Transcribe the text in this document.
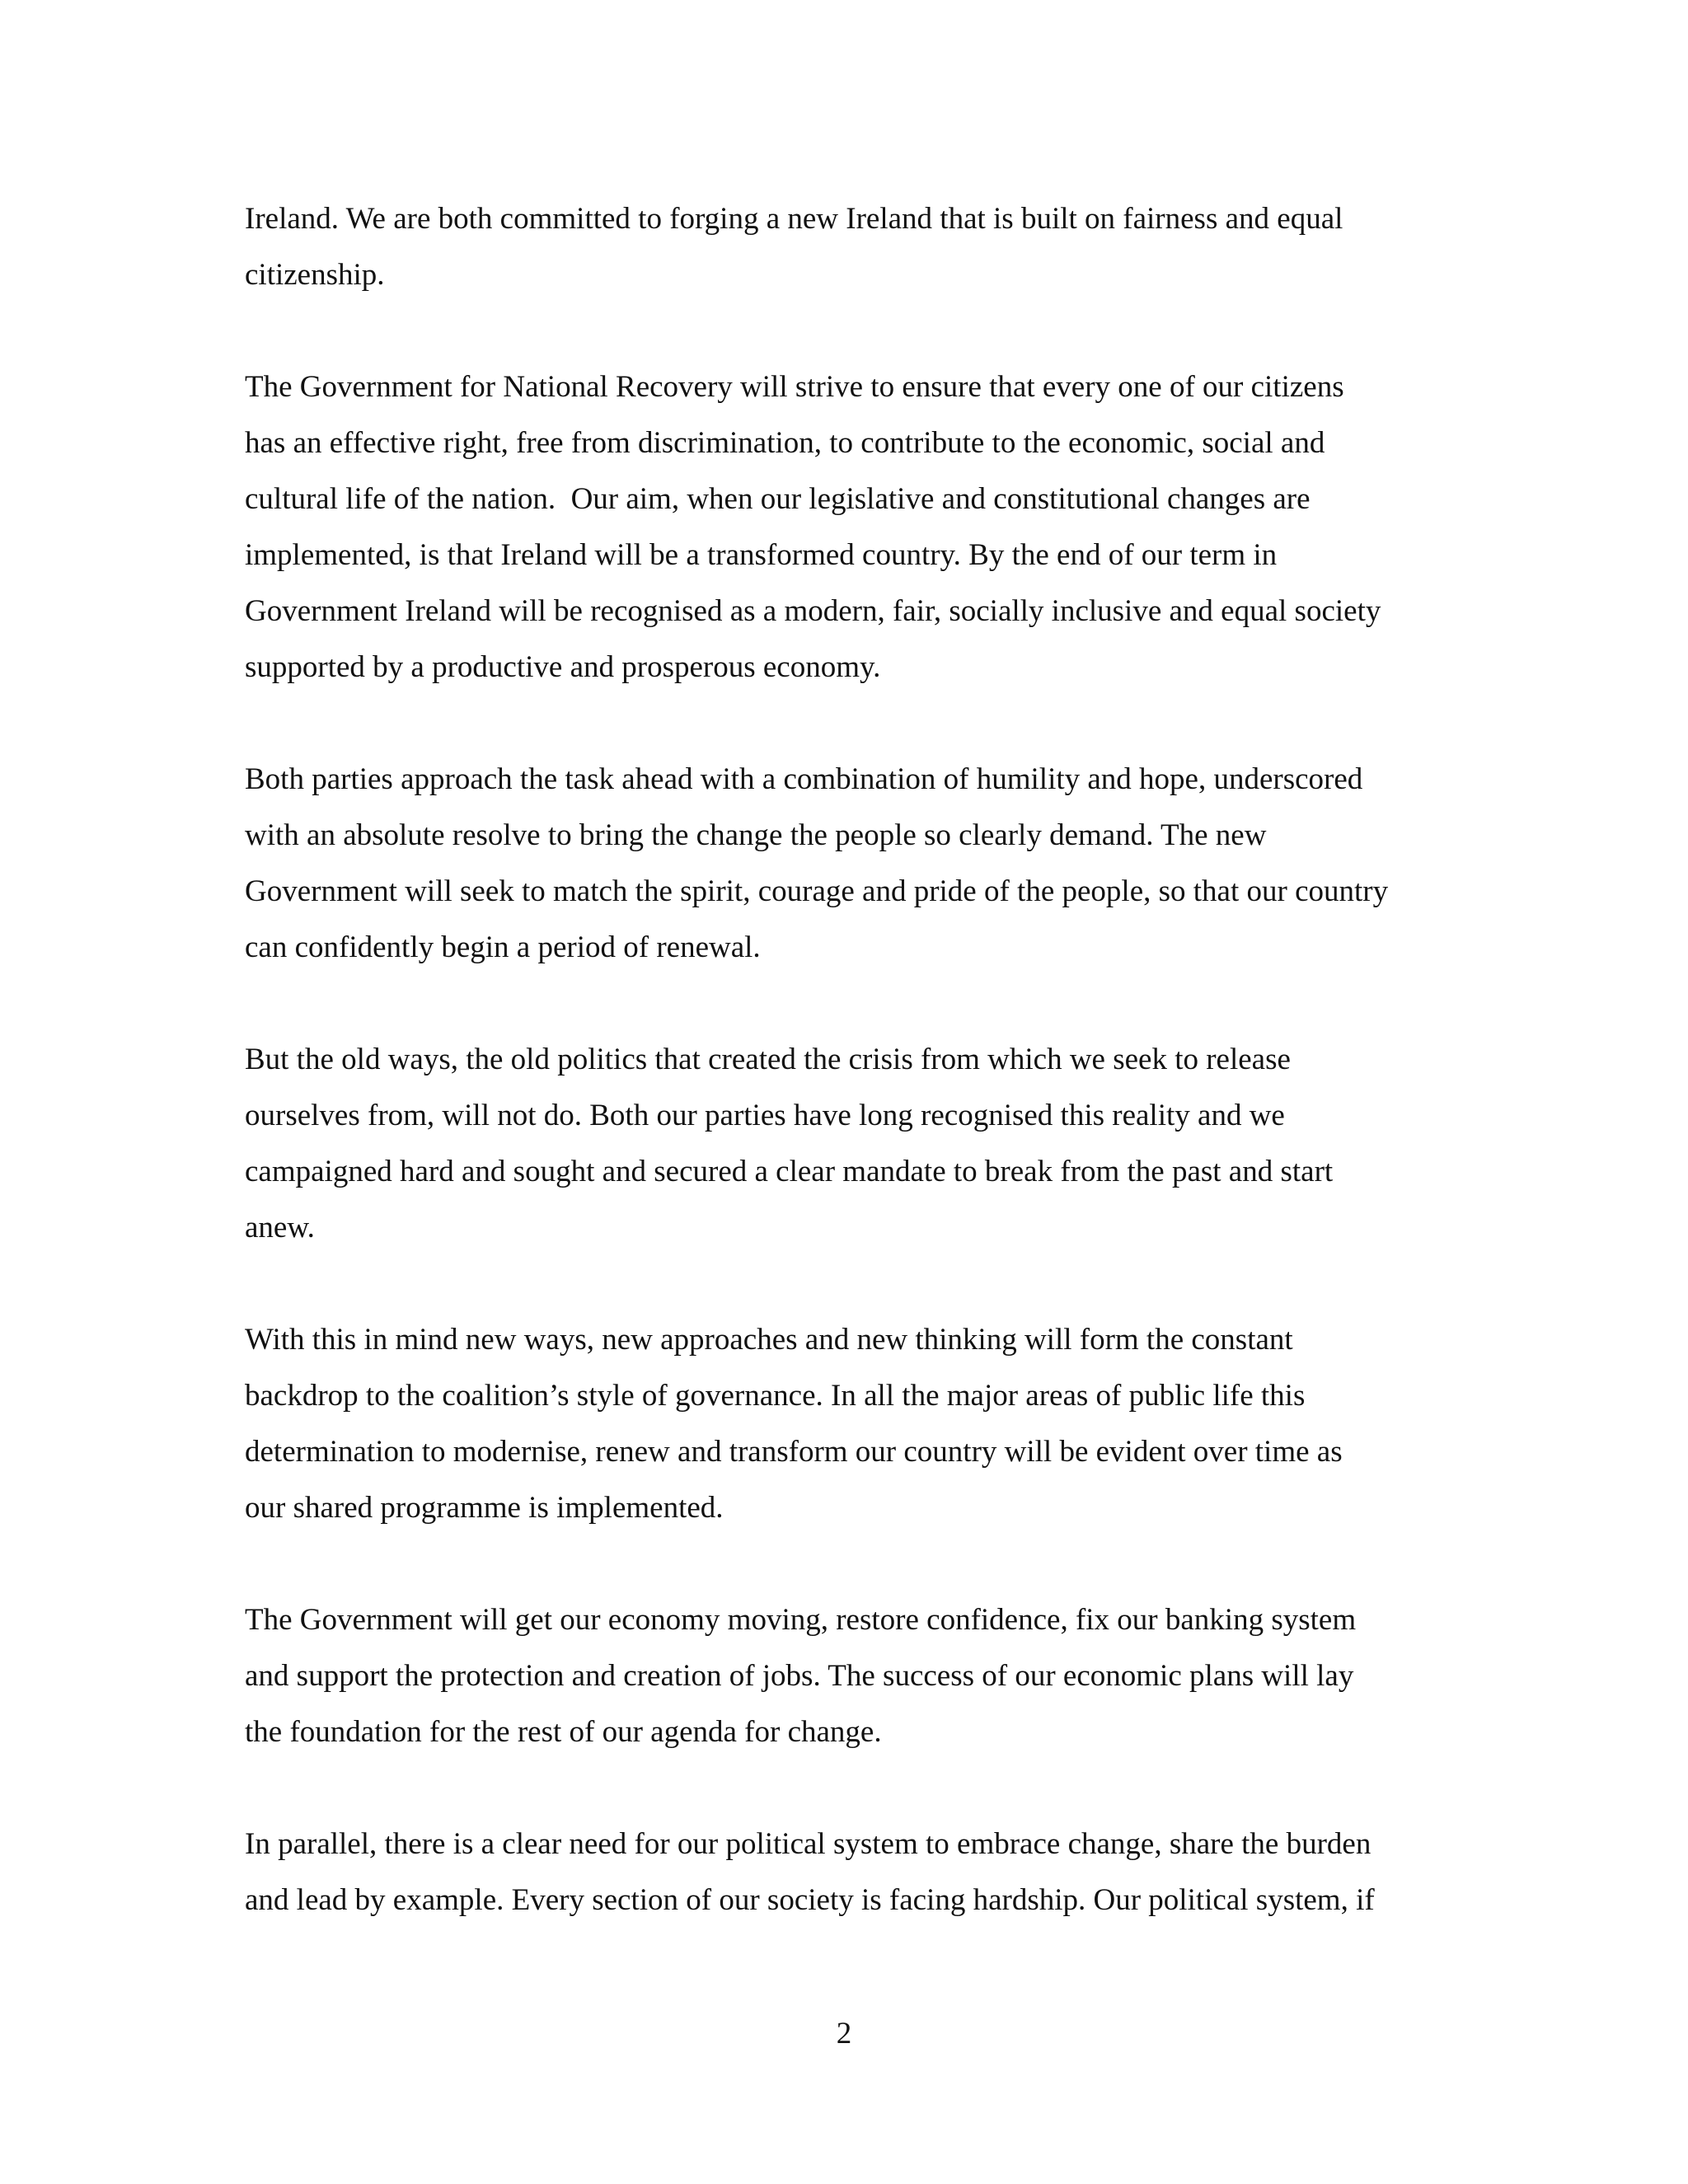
Ireland. We are both committed to forging a new Ireland that is built on fairness and equal
citizenship.

The Government for National Recovery will strive to ensure that every one of our citizens
has an effective right, free from discrimination, to contribute to the economic, social and
cultural life of the nation.  Our aim, when our legislative and constitutional changes are
implemented, is that Ireland will be a transformed country. By the end of our term in
Government Ireland will be recognised as a modern, fair, socially inclusive and equal society
supported by a productive and prosperous economy.

Both parties approach the task ahead with a combination of humility and hope, underscored
with an absolute resolve to bring the change the people so clearly demand. The new
Government will seek to match the spirit, courage and pride of the people, so that our country
can confidently begin a period of renewal.

But the old ways, the old politics that created the crisis from which we seek to release
ourselves from, will not do. Both our parties have long recognised this reality and we
campaigned hard and sought and secured a clear mandate to break from the past and start
anew.

With this in mind new ways, new approaches and new thinking will form the constant
backdrop to the coalition’s style of governance. In all the major areas of public life this
determination to modernise, renew and transform our country will be evident over time as
our shared programme is implemented.

The Government will get our economy moving, restore confidence, fix our banking system
and support the protection and creation of jobs. The success of our economic plans will lay
the foundation for the rest of our agenda for change.

In parallel, there is a clear need for our political system to embrace change, share the burden
and lead by example. Every section of our society is facing hardship. Our political system, if

2
